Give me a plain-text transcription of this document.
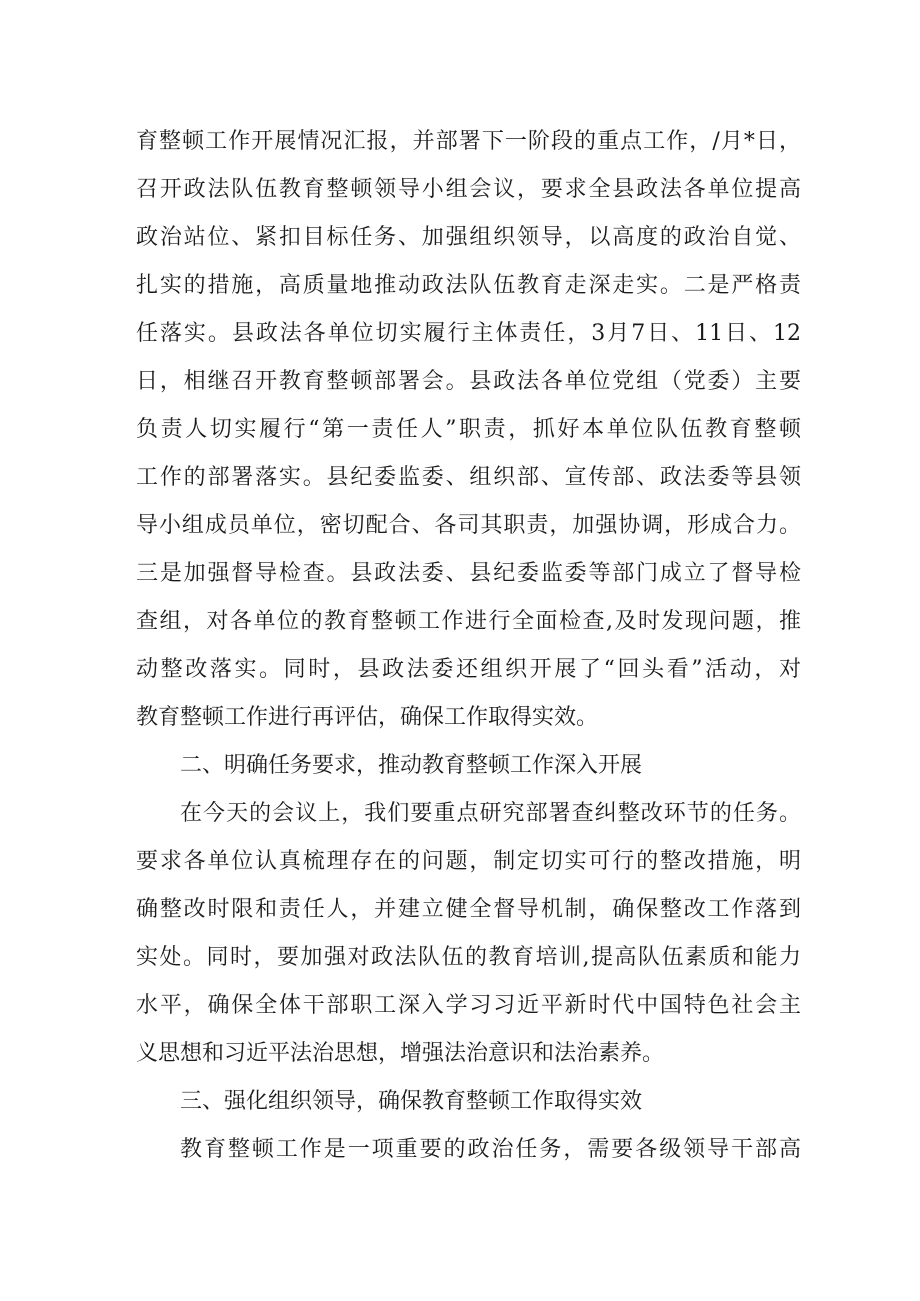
育整顿工作开展情况汇报，并部署下一阶段的重点工作，/月*日，
召开政法队伍教育整顿领导小组会议，要求全县政法各单位提高
政治站位、紧扣目标任务、加强组织领导，以高度的政治自觉、
扎实的措施，高质量地推动政法队伍教育走深走实。二是严格责
任落实。县政法各单位切实履行主体责任，3月7日、11日、12
日，相继召开教育整顿部署会。县政法各单位党组（党委）主要
负责人切实履行“第一责任人”职责，抓好本单位队伍教育整顿
工作的部署落实。县纪委监委、组织部、宣传部、政法委等县领
导小组成员单位，密切配合、各司其职责，加强协调，形成合力。
三是加强督导检查。县政法委、县纪委监委等部门成立了督导检
查组，对各单位的教育整顿工作进行全面检查,及时发现问题，推
动整改落实。同时，县政法委还组织开展了“回头看”活动，对
教育整顿工作进行再评估，确保工作取得实效。
二、明确任务要求，推动教育整顿工作深入开展
在今天的会议上，我们要重点研究部署查纠整改环节的任务。
要求各单位认真梳理存在的问题，制定切实可行的整改措施，明
确整改时限和责任人，并建立健全督导机制，确保整改工作落到
实处。同时，要加强对政法队伍的教育培训,提高队伍素质和能力
水平，确保全体干部职工深入学习习近平新时代中国特色社会主
义思想和习近平法治思想，增强法治意识和法治素养。
三、强化组织领导，确保教育整顿工作取得实效
教育整顿工作是一项重要的政治任务，需要各级领导干部高
